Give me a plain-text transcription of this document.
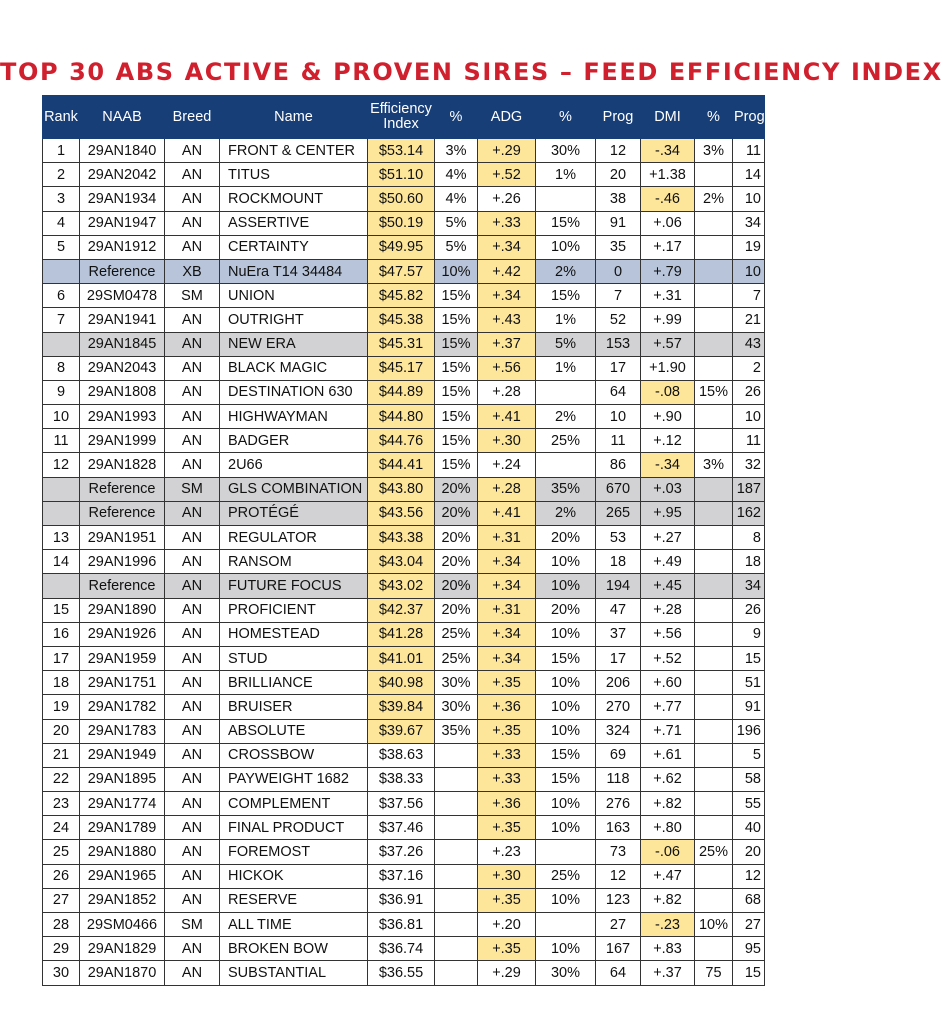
TOP 30 ABS ACTIVE & PROVEN SIRES – FEED EFFICIENCY INDEX
Rank	NAAB	Breed	Name	Efficiency
Index	%	ADG	%	Prog	DMI	%	Prog
1	29AN1840	AN	FRONT & CENTER	$53.14	3%	+.29	30%	12	-.34	3%	11
2	29AN2042	AN	TITUS	$51.10	4%	+.52	1%	20	+1.38		14
3	29AN1934	AN	ROCKMOUNT	$50.60	4%	+.26		38	-.46	2%	10
4	29AN1947	AN	ASSERTIVE	$50.19	5%	+.33	15%	91	+.06		34
5	29AN1912	AN	CERTAINTY	$49.95	5%	+.34	10%	35	+.17		19
	Reference	XB	NuEra T14 34484	$47.57	10%	+.42	2%	0	+.79		10
6	29SM0478	SM	UNION	$45.82	15%	+.34	15%	7	+.31		7
7	29AN1941	AN	OUTRIGHT	$45.38	15%	+.43	1%	52	+.99		21
	29AN1845	AN	NEW ERA	$45.31	15%	+.37	5%	153	+.57		43
8	29AN2043	AN	BLACK MAGIC	$45.17	15%	+.56	1%	17	+1.90		2
9	29AN1808	AN	DESTINATION 630	$44.89	15%	+.28		64	-.08	15%	26
10	29AN1993	AN	HIGHWAYMAN	$44.80	15%	+.41	2%	10	+.90		10
11	29AN1999	AN	BADGER	$44.76	15%	+.30	25%	11	+.12		11
12	29AN1828	AN	2U66	$44.41	15%	+.24		86	-.34	3%	32
	Reference	SM	GLS COMBINATION	$43.80	20%	+.28	35%	670	+.03		187
	Reference	AN	PROTÉGÉ	$43.56	20%	+.41	2%	265	+.95		162
13	29AN1951	AN	REGULATOR	$43.38	20%	+.31	20%	53	+.27		8
14	29AN1996	AN	RANSOM	$43.04	20%	+.34	10%	18	+.49		18
	Reference	AN	FUTURE FOCUS	$43.02	20%	+.34	10%	194	+.45		34
15	29AN1890	AN	PROFICIENT	$42.37	20%	+.31	20%	47	+.28		26
16	29AN1926	AN	HOMESTEAD	$41.28	25%	+.34	10%	37	+.56		9
17	29AN1959	AN	STUD	$41.01	25%	+.34	15%	17	+.52		15
18	29AN1751	AN	BRILLIANCE	$40.98	30%	+.35	10%	206	+.60		51
19	29AN1782	AN	BRUISER	$39.84	30%	+.36	10%	270	+.77		91
20	29AN1783	AN	ABSOLUTE	$39.67	35%	+.35	10%	324	+.71		196
21	29AN1949	AN	CROSSBOW	$38.63		+.33	15%	69	+.61		5
22	29AN1895	AN	PAYWEIGHT 1682	$38.33		+.33	15%	118	+.62		58
23	29AN1774	AN	COMPLEMENT	$37.56		+.36	10%	276	+.82		55
24	29AN1789	AN	FINAL PRODUCT	$37.46		+.35	10%	163	+.80		40
25	29AN1880	AN	FOREMOST	$37.26		+.23		73	-.06	25%	20
26	29AN1965	AN	HICKOK	$37.16		+.30	25%	12	+.47		12
27	29AN1852	AN	RESERVE	$36.91		+.35	10%	123	+.82		68
28	29SM0466	SM	ALL TIME	$36.81		+.20		27	-.23	10%	27
29	29AN1829	AN	BROKEN BOW	$36.74		+.35	10%	167	+.83		95
30	29AN1870	AN	SUBSTANTIAL	$36.55		+.29	30%	64	+.37	75	15
